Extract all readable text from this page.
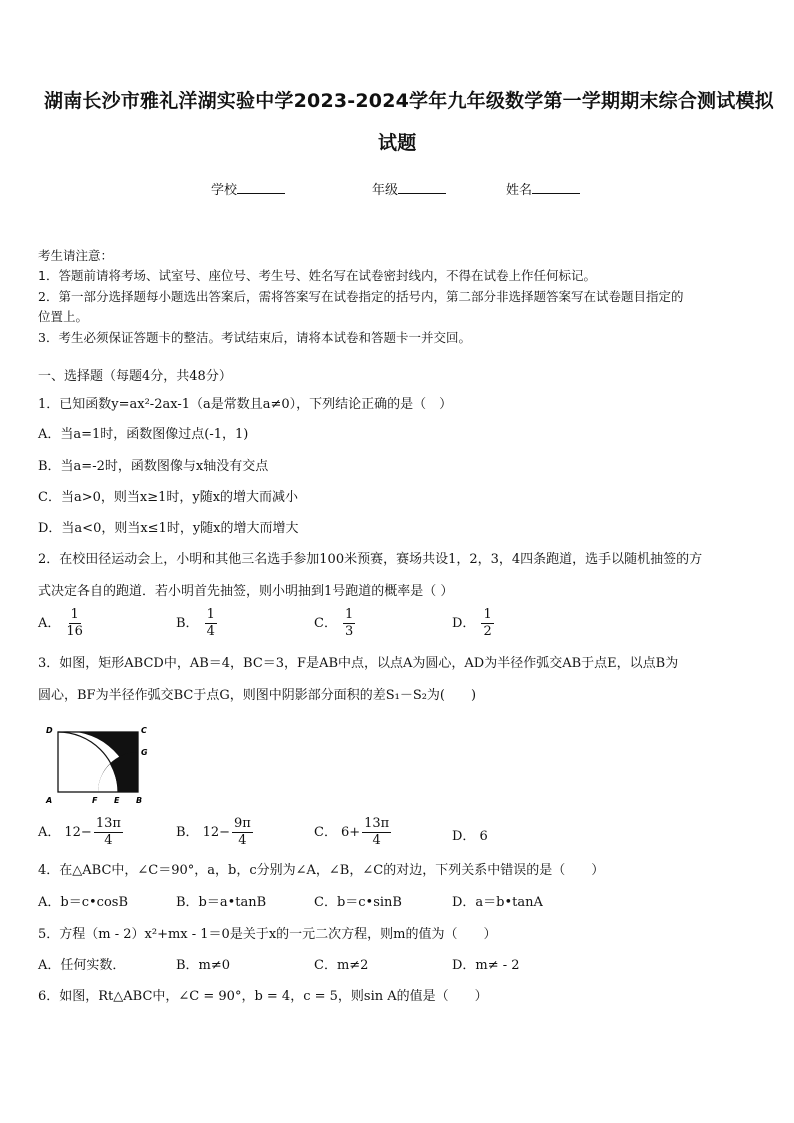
湖南长沙市雅礼洋湖实验中学2023-2024学年九年级数学第一学期期末综合测试模拟
试题
学校	年级	姓名
考生请注意：
1．答题前请将考场、试室号、座位号、考生号、姓名写在试卷密封线内，不得在试卷上作任何标记。
2．第一部分选择题每小题选出答案后，需将答案写在试卷指定的括号内，第二部分非选择题答案写在试卷题目指定的
位置上。
3．考生必须保证答题卡的整洁。考试结束后，请将本试卷和答题卡一并交回。
一、选择题（每题4分，共48分）
1．已知函数y=ax²-2ax-1（a是常数且a≠0），下列结论正确的是（　）
A．当a=1时，函数图像过点(-1，1)
B．当a=-2时，函数图像与x轴没有交点
C．当a>0，则当x≥1时，y随x的增大而减小
D．当a<0，则当x≤1时，y随x的增大而增大
2．在校田径运动会上，小明和其他三名选手参加100米预赛，赛场共设1，2，3，4四条跑道，选手以随机抽签的方
式决定各自的跑道．若小明首先抽签，则小明抽到1号跑道的概率是（ ）
A． $\frac{1}{16}$	B． $\frac{1}{4}$	C． $\frac{1}{3}$	D． $\frac{1}{2}$
3．如图，矩形ABCD中，AB＝4，BC＝3，F是AB中点，以点A为圆心，AD为半径作弧交AB于点E，以点B为
圆心，BF为半径作弧交BC于点G，则图中阴影部分面积的差S₁－S₂为(　　)
D	C
G
A	F E B
A． $12- \frac{13\pi}{4}$	B． $12- \frac{9\pi}{4}$	C． $6+ \frac{13\pi}{4}$	D． 6
4．在△ABC中，∠C＝90°，a，b，c分别为∠A，∠B，∠C的对边，下列关系中错误的是（　　）
A．b＝c•cosB	B．b＝a•tanB	C．b＝c•sinB	D．a＝b•tanA
5．方程（m - 2）x²+mx - 1＝0是关于x的一元二次方程，则m的值为（　　）
A．任何实数．	B．m≠0	C．m≠2	D．m≠ - 2
6．如图，Rt△ABC中，∠C = 90°，b = 4，c = 5，则sin A的值是（　　）
